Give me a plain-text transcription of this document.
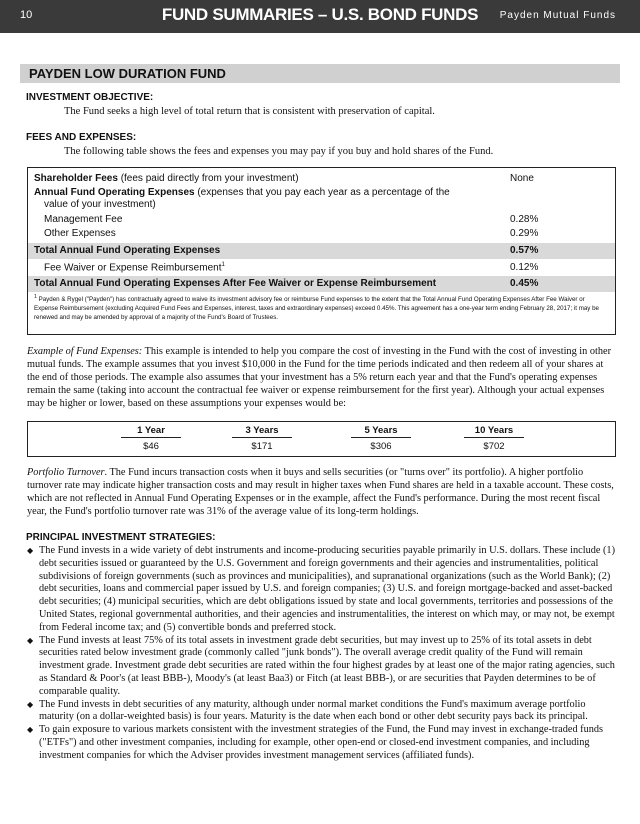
10	FUND SUMMARIES – U.S. BOND FUNDS	Payden Mutual Funds
PAYDEN LOW DURATION FUND
INVESTMENT OBJECTIVE:
The Fund seeks a high level of total return that is consistent with preservation of capital.
FEES AND EXPENSES:
The following table shows the fees and expenses you may pay if you buy and hold shares of the Fund.
Shareholder Fees (fees paid directly from your investment)	None
Annual Fund Operating Expenses (expenses that you pay each year as a percentage of the
value of your investment)
Management Fee	0.28%
Other Expenses	0.29%
Total Annual Fund Operating Expenses	0.57%
Fee Waiver or Expense Reimbursement$^1$	0.12%
Total Annual Fund Operating Expenses After Fee Waiver or Expense Reimbursement	0.45%
$^1$ Payden & Rygel ("Payden") has contractually agreed to waive its investment advisory fee or reimburse Fund expenses to the extent that the Total Annual Fund Operating Expenses After Fee Waiver or Expense Reimbursement (excluding Acquired Fund Fees and Expenses, interest, taxes and extraordinary expenses) exceed 0.45%. This agreement has a one-year term ending February 28, 2017; it may be renewed and may be amended by approval of a majority of the Fund's Board of Trustees.

Example of Fund Expenses: This example is intended to help you compare the cost of investing in the Fund with the cost of investing in other mutual funds. The example assumes that you invest $10,000 in the Fund for the time periods indicated and then redeem all of your shares at the end of those periods. The example also assumes that your investment has a 5% return each year and that the Fund's operating expenses remain the same (taking into account the contractual fee waiver or expense reimbursement for the first year). Although your actual expenses may be higher or lower, based on these assumptions your expenses would be:

1 Year	3 Years	5 Years	10 Years
$46	$171	$306	$702

Portfolio Turnover. The Fund incurs transaction costs when it buys and sells securities (or "turns over" its portfolio). A higher portfolio turnover rate may indicate higher transaction costs and may result in higher taxes when Fund shares are held in a taxable account. These costs, which are not reflected in Annual Fund Operating Expenses or in the example, affect the Fund's performance. During the most recent fiscal year, the Fund's portfolio turnover rate was 31% of the average value of its long-term holdings.

PRINCIPAL INVESTMENT STRATEGIES:
◆ The Fund invests in a wide variety of debt instruments and income-producing securities payable primarily in U.S. dollars. These include (1) debt securities issued or guaranteed by the U.S. Government and foreign governments and their agencies and instrumentalities, political subdivisions of foreign governments (such as provinces and municipalities), and supranational organizations (such as the World Bank); (2) debt securities, loans and commercial paper issued by U.S. and foreign companies; (3) U.S. and foreign mortgage-backed and asset-backed debt securities; (4) municipal securities, which are debt obligations issued by state and local governments, territories and possessions of the United States, regional governmental authorities, and their agencies and instrumentalities, the interest on which may, or may not, be exempt from Federal income tax; and (5) convertible bonds and preferred stock.
◆ The Fund invests at least 75% of its total assets in investment grade debt securities, but may invest up to 25% of its total assets in debt securities rated below investment grade (commonly called "junk bonds"). The overall average credit quality of the Fund will remain investment grade. Investment grade debt securities are rated within the four highest grades by at least one of the major rating agencies, such as Standard & Poor's (at least BBB-), Moody's (at least Baa3) or Fitch (at least BBB-), or are securities that Payden determines to be of comparable quality.
◆ The Fund invests in debt securities of any maturity, although under normal market conditions the Fund's maximum average portfolio maturity (on a dollar-weighted basis) is four years. Maturity is the date when each bond or other debt security pays back its principal.
◆ To gain exposure to various markets consistent with the investment strategies of the Fund, the Fund may invest in exchange-traded funds ("ETFs") and other investment companies, including for example, other open-end or closed-end investment companies, and including investment companies for which the Adviser provides investment management services (affiliated funds).
